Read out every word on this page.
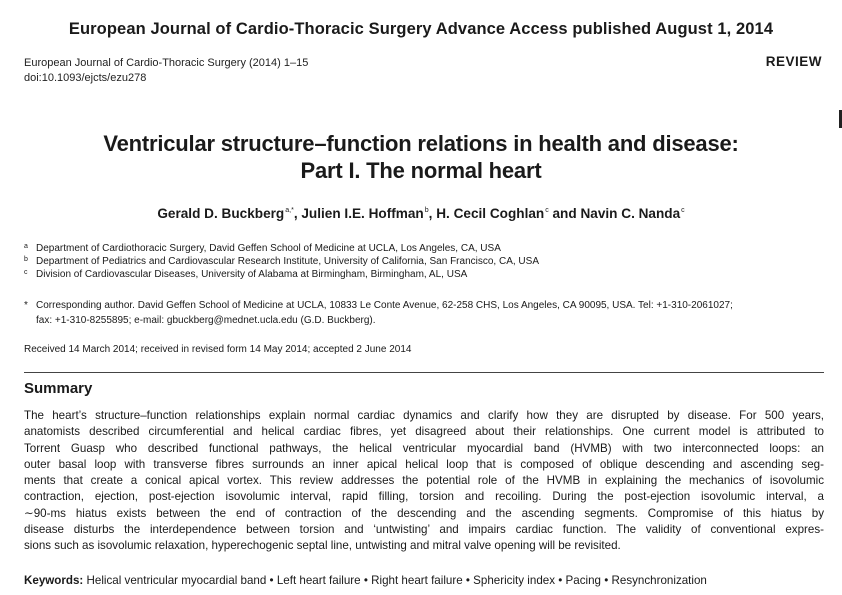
European Journal of Cardio-Thoracic Surgery Advance Access published August 1, 2014
European Journal of Cardio-Thoracic Surgery (2014) 1–15
doi:10.1093/ejcts/ezu278
REVIEW
Ventricular structure–function relations in health and disease:
Part I. The normal heart
Gerald D. Buckberg$^{a,*}$, Julien I.E. Hoffman$^b$, H. Cecil Coghlan$^c$ and Navin C. Nanda$^c$
a Department of Cardiothoracic Surgery, David Geffen School of Medicine at UCLA, Los Angeles, CA, USA
b Department of Pediatrics and Cardiovascular Research Institute, University of California, San Francisco, CA, USA
c Division of Cardiovascular Diseases, University of Alabama at Birmingham, Birmingham, AL, USA
* Corresponding author. David Geffen School of Medicine at UCLA, 10833 Le Conte Avenue, 62-258 CHS, Los Angeles, CA 90095, USA. Tel: +1-310-2061027;
fax: +1-310-8255895; e-mail: gbuckberg@mednet.ucla.edu (G.D. Buckberg).
Received 14 March 2014; received in revised form 14 May 2014; accepted 2 June 2014
Summary
The heart’s structure–function relationships explain normal cardiac dynamics and clarify how they are disrupted by disease. For 500 years,
anatomists described circumferential and helical cardiac fibres, yet disagreed about their relationships. One current model is attributed to
Torrent Guasp who described functional pathways, the helical ventricular myocardial band (HVMB) with two interconnected loops: an
outer basal loop with transverse fibres surrounds an inner apical helical loop that is composed of oblique descending and ascending seg-
ments that create a conical apical vortex. This review addresses the potential role of the HVMB in explaining the mechanics of isovolumic
contraction, ejection, post-ejection isovolumic interval, rapid filling, torsion and recoiling. During the post-ejection isovolumic interval, a
∼90-ms hiatus exists between the end of contraction of the descending and the ascending segments. Compromise of this hiatus by
disease disturbs the interdependence between torsion and ‘untwisting’ and impairs cardiac function. The validity of conventional expres-
sions such as isovolumic relaxation, hyperechogenic septal line, untwisting and mitral valve opening will be revisited.
Keywords: Helical ventricular myocardial band • Left heart failure • Right heart failure • Sphericity index • Pacing • Resynchronization
